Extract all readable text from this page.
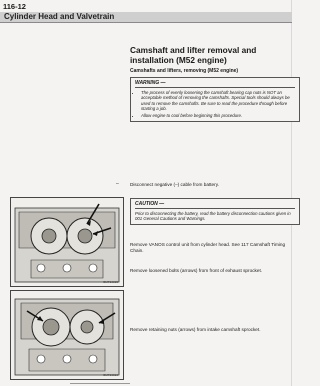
116-12
Cylinder Head and Valvetrain
Camshaft and lifter removal and installation (M52 engine)
Camshafts and lifters, removing (M52 engine)
WARNING —
• The process of evenly loosening the camshaft bearing cap nuts is NOT an acceptable method of removing the camshafts. Special tools should always be used to remove the camshafts. Be sure to read the procedure through before starting a job.
• Allow engine to cool before beginning this procedure.
– Disconnect negative (–) cable from battery.
CAUTION —
Prior to disconnecting the battery, read the battery disconnection cautions given in 001 General Cautions and Warnings.
Remove VANOS control unit from cylinder head. See 117 Camshaft Timing Chain.
Remove loosened bolts (arrows) from front of exhaust sprocket.
Remove retaining nuts (arrows) from intake camshaft sprocket.
BMF16015
BMF16016
